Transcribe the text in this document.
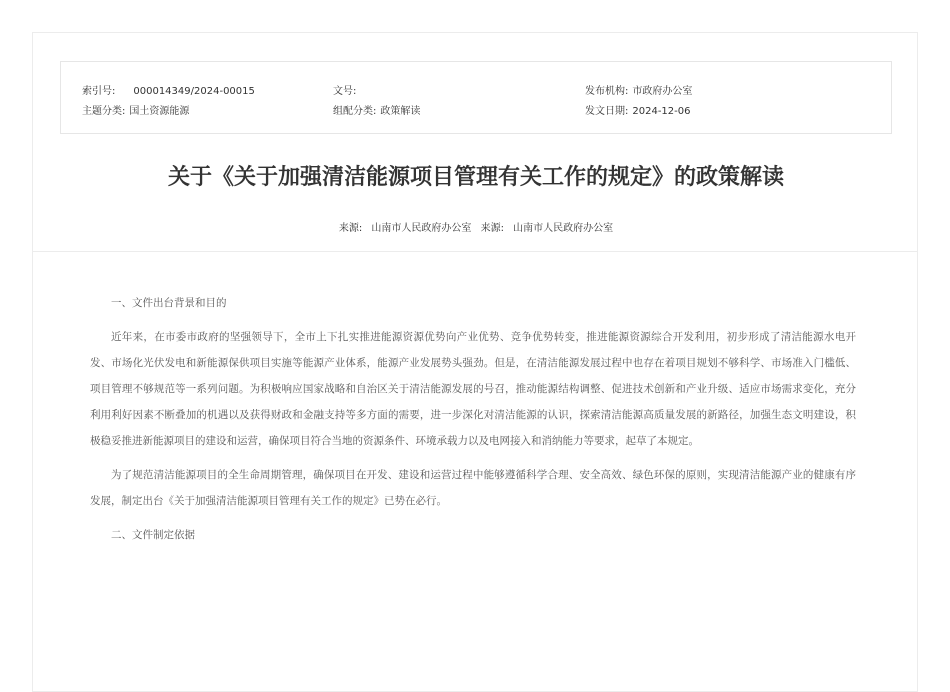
索引号: 000014349/2024-00015	文号:	发布机构: 市政府办公室
主题分类: 国土资源能源	组配分类: 政策解读	发文日期: 2024-12-06
关于《关于加强清洁能源项目管理有关工作的规定》的政策解读
来源: 山南市人民政府办公室 来源: 山南市人民政府办公室

一、文件出台背景和目的

近年来，在市委市政府的坚强领导下，全市上下扎实推进能源资源优势向产业优势、竞争优势转变，推进能源资源综合开发利用，初步形成了清洁能源水电开发、市场化光伏发电和新能源保供项目实施等能源产业体系，能源产业发展势头强劲。但是，在清洁能源发展过程中也存在着项目规划不够科学、市场准入门槛低、项目管理不够规范等一系列问题。为积极响应国家战略和自治区关于清洁能源发展的号召，推动能源结构调整、促进技术创新和产业升级、适应市场需求变化，充分利用利好因素不断叠加的机遇以及获得财政和金融支持等多方面的需要，进一步深化对清洁能源的认识，探索清洁能源高质量发展的新路径，加强生态文明建设，积极稳妥推进新能源项目的建设和运营，确保项目符合当地的资源条件、环境承载力以及电网接入和消纳能力等要求，起草了本规定。

为了规范清洁能源项目的全生命周期管理，确保项目在开发、建设和运营过程中能够遵循科学合理、安全高效、绿色环保的原则，实现清洁能源产业的健康有序发展，制定出台《关于加强清洁能源项目管理有关工作的规定》已势在必行。

二、文件制定依据
